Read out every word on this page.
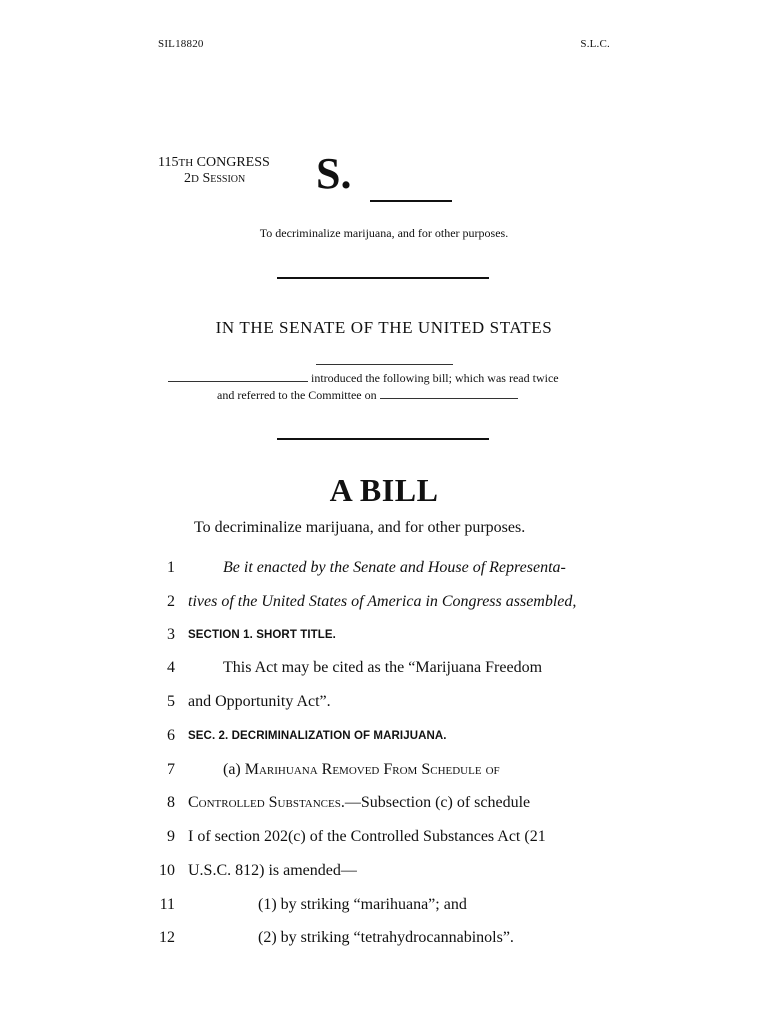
SIL18820	S.L.C.
115TH CONGRESS
2D Session	S.
To decriminalize marijuana, and for other purposes.
IN THE SENATE OF THE UNITED STATES
introduced the following bill; which was read twice
and referred to the Committee on
A BILL
To decriminalize marijuana, and for other purposes.
1	Be it enacted by the Senate and House of Representa-
2 tives of the United States of America in Congress assembled,
3 SECTION 1. SHORT TITLE.
4	This Act may be cited as the “Marijuana Freedom
5 and Opportunity Act”.
6 SEC. 2. DECRIMINALIZATION OF MARIJUANA.
7	(a) Marihuana Removed From Schedule of
8 Controlled Substances.—Subsection (c) of schedule
9 I of section 202(c) of the Controlled Substances Act (21
10 U.S.C. 812) is amended—
11	(1) by striking “marihuana”; and
12	(2) by striking “tetrahydrocannabinols”.
